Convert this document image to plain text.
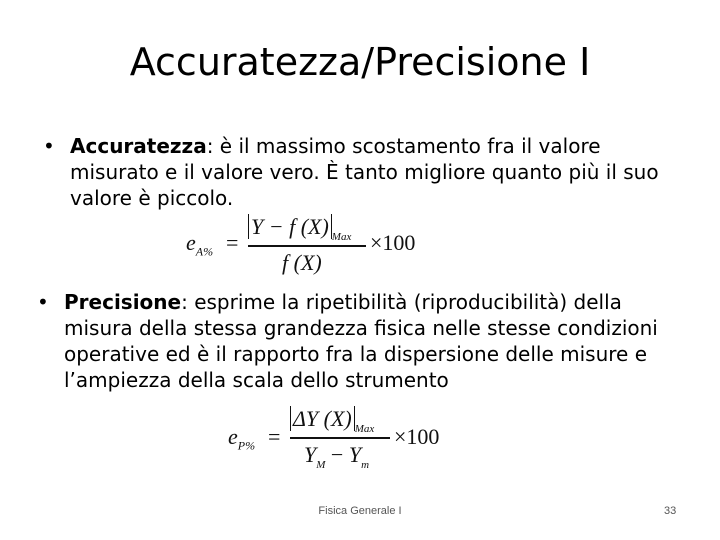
Accuratezza/Precisione I
• Accuratezza: è il massimo scostamento fra il valore misurato e il valore vero. È tanto migliore quanto più il suo valore è piccolo.
$e_{A\%}$ =
Y − f (X) $_{Max}$
f (X)
×100
• Precisione: esprime la ripetibilità (riproducibilità) della misura della stessa grandezza fisica nelle stesse condizioni operative ed è il rapporto fra la dispersione delle misure e l’ampiezza della scala dello strumento
$e_{P\%}$ =
ΔY (X) $_{Max}$
$Y_M - Y_m$
×100
Fisica Generale I	33
